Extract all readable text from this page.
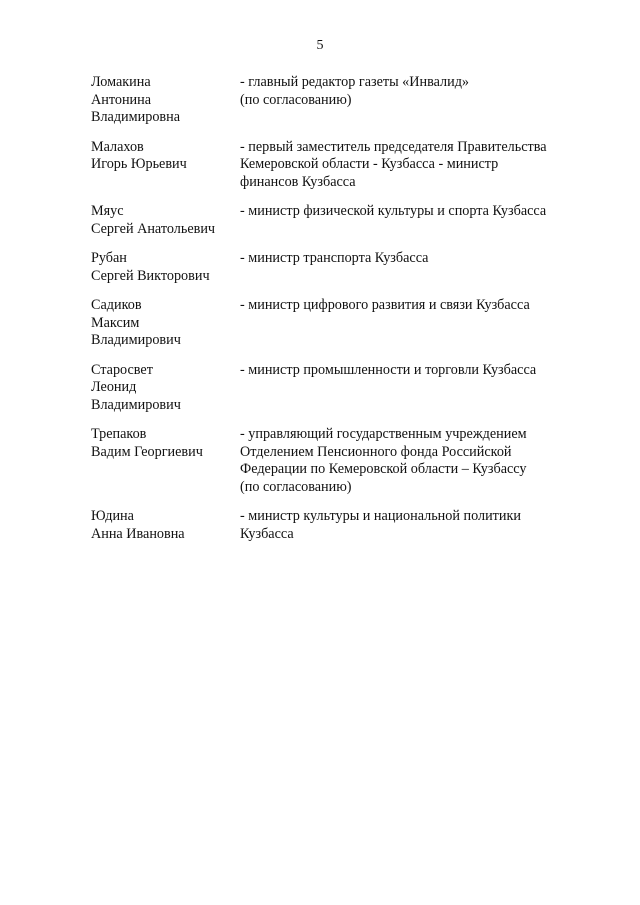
5
Ломакина
Антонина
Владимировна
- главный редактор газеты «Инвалид»
(по согласованию)
Малахов
Игорь Юрьевич
- первый заместитель председателя Правительства
Кемеровской области - Кузбасса - министр
финансов Кузбасса
Мяус
Сергей Анатольевич
- министр физической культуры и спорта Кузбасса
Рубан
Сергей Викторович
- министр транспорта Кузбасса
Садиков
Максим
Владимирович
- министр цифрового развития и связи Кузбасса
Старосвет
Леонид
Владимирович
- министр промышленности и торговли Кузбасса
Трепаков
Вадим Георгиевич
- управляющий государственным учреждением
Отделением Пенсионного фонда Российской
Федерации по Кемеровской области – Кузбассу
(по согласованию)
Юдина
Анна Ивановна
- министр культуры и национальной политики
Кузбасса
